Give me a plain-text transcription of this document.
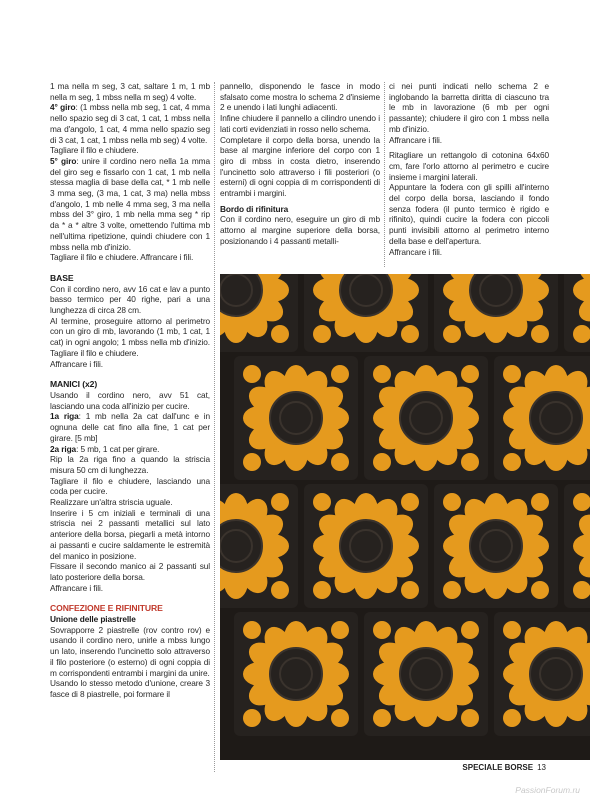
1 ma nella m seg, 3 cat, saltare 1 m, 1 mb nella m seg, 1 mbss nella m seg) 4 volte.

4° giro: (1 mbss nella mb seg, 1 cat, 4 mma nello spazio seg di 3 cat, 1 cat, 1 mbss nella ma d'angolo, 1 cat, 4 mma nello spazio seg di 3 cat, 1 cat, 1 mbss nella mb seg) 4 volte.

Tagliare il filo e chiudere.

5° giro: unire il cordino nero nella 1a mma del giro seg e fissarlo con 1 cat, 1 mb nella stessa maglia di base della cat, * 1 mb nelle 3 mma seg, (3 ma, 1 cat, 3 ma) nella mbss d'angolo, 1 mb nelle 4 mma seg, 3 ma nella mbss del 3° giro, 1 mb nella mma seg * rip da * a * altre 3 volte, omettendo l'ultima mb nell'ultima ripetizione, quindi chiudere con 1 mbss nella mb d'inizio.

Tagliare il filo e chiudere. Affrancare i fili.

BASE

Con il cordino nero, avv 16 cat e lav a punto basso termico per 40 righe, pari a una lunghezza di circa 28 cm.

Al termine, proseguire attorno al perimetro con un giro di mb, lavorando (1 mb, 1 cat, 1 cat) in ogni angolo; 1 mbss nella mb d'inizio. Tagliare il filo e chiudere.

Affrancare i fili.

MANICI (x2)

Usando il cordino nero, avv 51 cat, lasciando una coda all'inizio per cucire.

1a riga: 1 mb nella 2a cat dall'unc e in ognuna delle cat fino alla fine, 1 cat per girare. [5 mb]

2a riga: 5 mb, 1 cat per girare.

Rip la 2a riga fino a quando la striscia misura 50 cm di lunghezza.

Tagliare il filo e chiudere, lasciando una coda per cucire.

Realizzare un'altra striscia uguale.

Inserire i 5 cm iniziali e terminali di una striscia nei 2 passanti metallici sul lato anteriore della borsa, piegarli a metà intorno ai passanti e cucire saldamente le estremità del manico in posizione.

Fissare il secondo manico ai 2 passanti sul lato posteriore della borsa.

Affrancare i fili.

CONFEZIONE E RIFINITURE

Unione delle piastrelle

Sovrapporre 2 piastrelle (rov contro rov) e usando il cordino nero, unirle a mbss lungo un lato, inserendo l'uncinetto solo attraverso il filo posteriore (o esterno) di ogni coppia di m corrispondenti entrambi i margini da unire.

Usando lo stesso metodo d'unione, creare 3 fasce di 8 piastrelle, poi formare il

pannello, disponendo le fasce in modo sfalsato come mostra lo schema 2 d'insieme 2 e unendo i lati lunghi adiacenti.

Infine chiudere il pannello a cilindro unendo i lati corti evidenziati in rosso nello schema.

Completare il corpo della borsa, unendo la base al margine inferiore del corpo con 1 giro di mbss in costa dietro, inserendo l'uncinetto solo attraverso i fili posteriori (o esterni) di ogni coppia di m corrispondenti di entrambi i margini.

Bordo di rifinitura

Con il cordino nero, eseguire un giro di mb attorno al margine superiore della borsa, posizionando i 4 passanti metalli-

ci nei punti indicati nello schema 2 e inglobando la barretta diritta di ciascuno tra le mb in lavorazione (6 mb per ogni passante); chiudere il giro con 1 mbss nella mb d'inizio.

Affrancare i fili.

Ritagliare un rettangolo di cotonina 64x60 cm, fare l'orlo attorno al perimetro e cucire insieme i margini laterali.

Appuntare la fodera con gli spilli all'interno del corpo della borsa, lasciando il fondo senza fodera (il punto termico è rigido e rifinito), quindi cucire la fodera con piccoli punti invisibili attorno al perimetro interno della base e dell'apertura.

Affrancare i fili.

SPECIALE BORSE 13
PassionForum.ru
